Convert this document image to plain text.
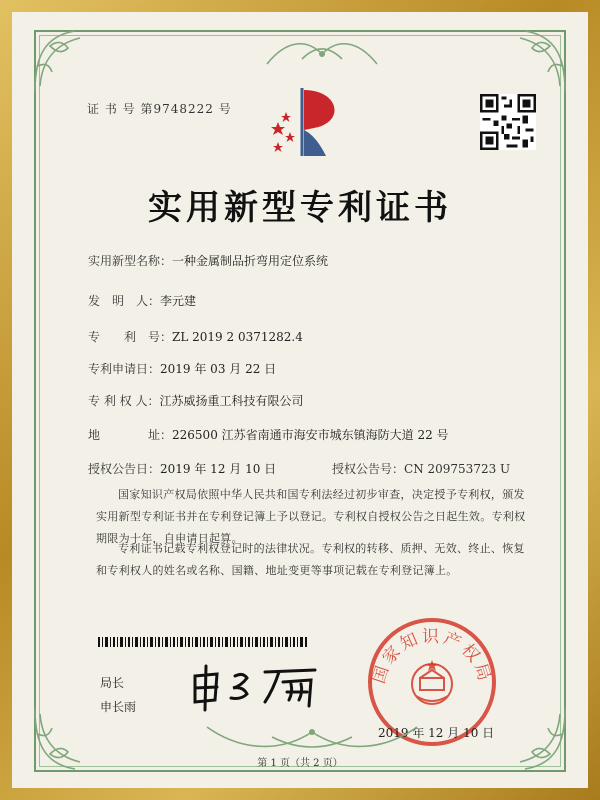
证 书 号 第9748222 号
实用新型专利证书
实用新型名称：一种金属制品折弯用定位系统
发　明　人：李元建
专　　利　号：ZL 2019 2 0371282.4
专利申请日：2019 年 03 月 22 日
专 利 权 人：江苏威扬重工科技有限公司
地　　　　址：226500 江苏省南通市海安市城东镇海防大道 22 号
授权公告日：2019 年 12 月 10 日	授权公告号：CN 209753723 U

国家知识产权局依照中华人民共和国专利法经过初步审查，决定授予专利权，颁发实用新型专利证书并在专利登记簿上予以登记。专利权自授权公告之日起生效。专利权期限为十年，自申请日起算。

专利证书记载专利权登记时的法律状况。专利权的转移、质押、无效、终止、恢复和专利权人的姓名或名称、国籍、地址变更等事项记载在专利登记簿上。

局长
申长雨
国家知识产权局
2019 年 12 月 10 日
第 1 页（共 2 页）
